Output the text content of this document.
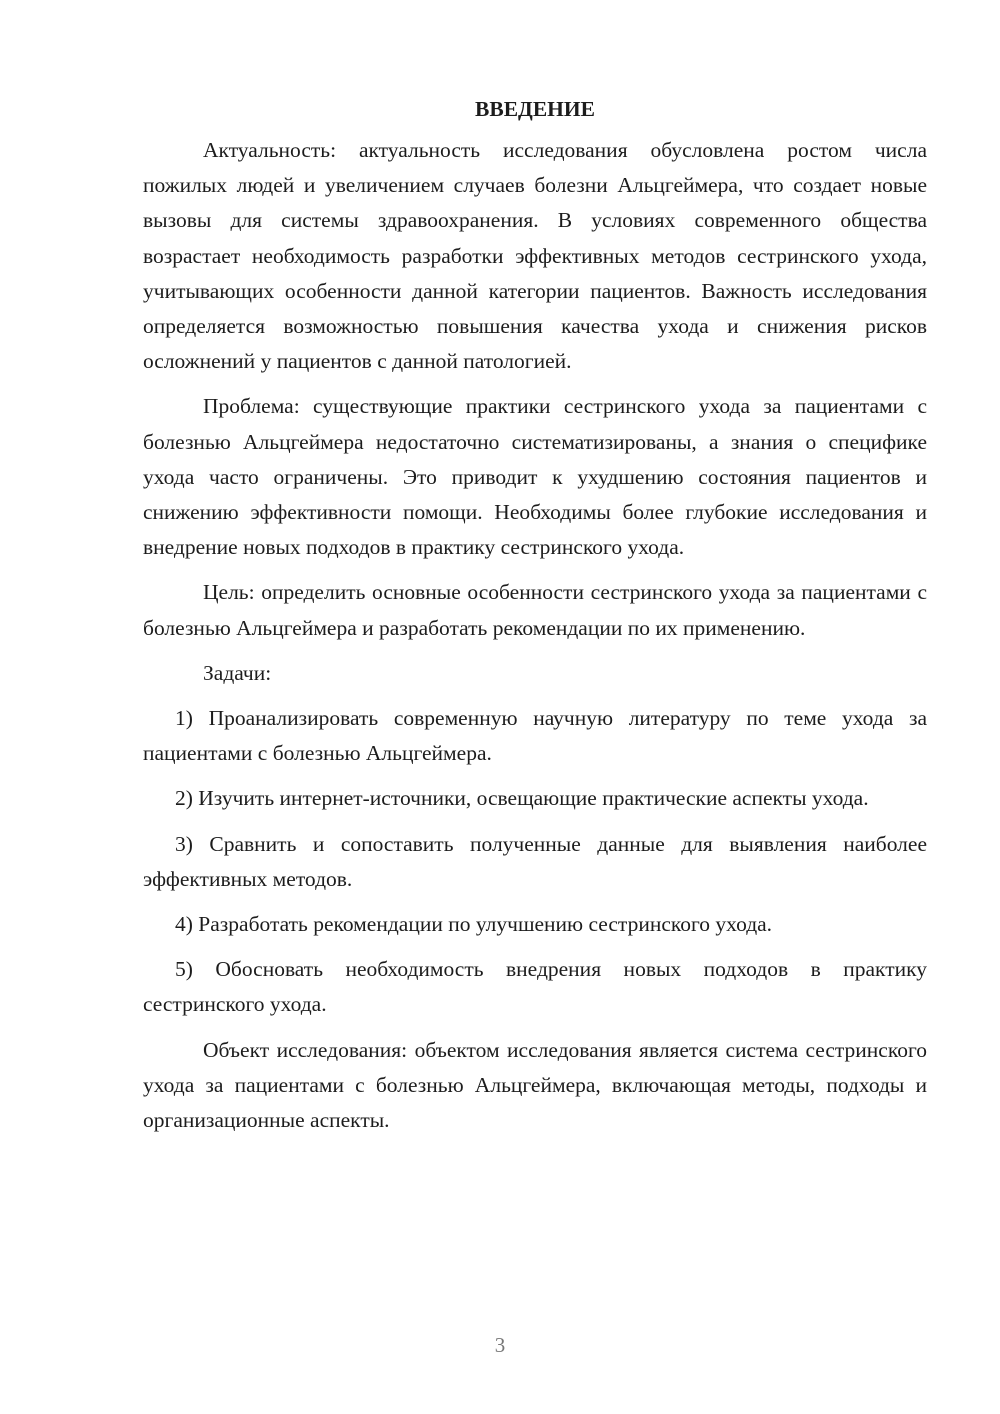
ВВЕДЕНИЕ

Актуальность: актуальность исследования обусловлена ростом числа пожилых людей и увеличением случаев болезни Альцгеймера, что создает новые вызовы для системы здравоохранения. В условиях современного общества возрастает необходимость разработки эффективных методов сестринского ухода, учитывающих особенности данной категории пациентов. Важность исследования определяется возможностью повышения качества ухода и снижения рисков осложнений у пациентов с данной патологией.

Проблема: существующие практики сестринского ухода за пациентами с болезнью Альцгеймера недостаточно систематизированы, а знания о специфике ухода часто ограничены. Это приводит к ухудшению состояния пациентов и снижению эффективности помощи. Необходимы более глубокие исследования и внедрение новых подходов в практику сестринского ухода.

Цель: определить основные особенности сестринского ухода за пациентами с болезнью Альцгеймера и разработать рекомендации по их применению.

Задачи:

1) Проанализировать современную научную литературу по теме ухода за пациентами с болезнью Альцгеймера.

2) Изучить интернет-источники, освещающие практические аспекты ухода.

3) Сравнить и сопоставить полученные данные для выявления наиболее эффективных методов.

4) Разработать рекомендации по улучшению сестринского ухода.

5) Обосновать необходимость внедрения новых подходов в практику сестринского ухода.

Объект исследования: объектом исследования является система сестринского ухода за пациентами с болезнью Альцгеймера, включающая методы, подходы и организационные аспекты.

3
